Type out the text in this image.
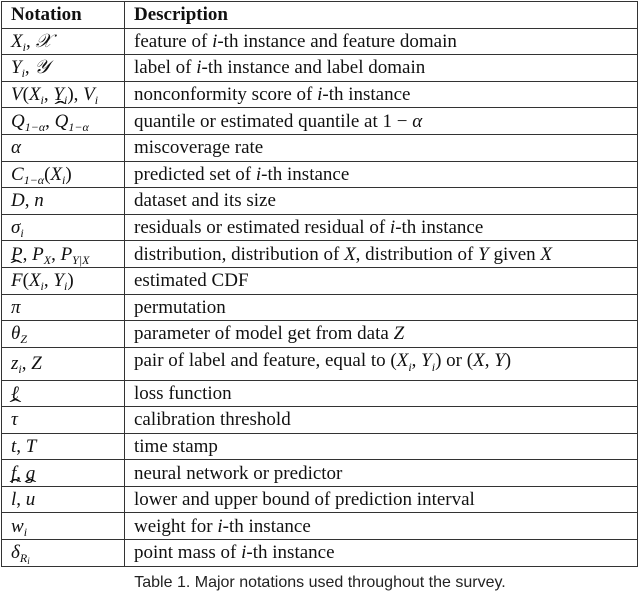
Notation	Description
$X_i$, 𝒳	feature of i-th instance and feature domain
$Y_i$, 𝒴	label of i-th instance and label domain
$V(X_i$, $Y_i$), $V_i$	nonconformity score of i-th instance
$Q_{1-\alpha}$, ˆ $Q_{1-\alpha}$	quantile or estimated quantile at 1 − α
α	miscoverage rate
$C_{1-\alpha}(X_i)$	predicted set of i-th instance
D, n	dataset and its size
$\sigma_i$	residuals or estimated residual of i-th instance
P, $P_X$, $P_{Y|X}$	distribution, distribution of X, distribution of Y given X
ˆ $F(X_i$, $Y_i$)	estimated CDF
π	permutation
$\theta_Z$	parameter of model get from data Z
$z_i$, Z	pair of label and feature, equal to ($X_i$, $Y_i$) or (X, Y)
ℓ	loss function
ˆ τ	calibration threshold
t, T	time stamp
f, g	neural network or predictor
ˆ l, ˆ u	lower and upper bound of prediction interval
$w_i$	weight for i-th instance
$\delta_{R_i}$	point mass of i-th instance
Table 1. Major notations used throughout the survey.
